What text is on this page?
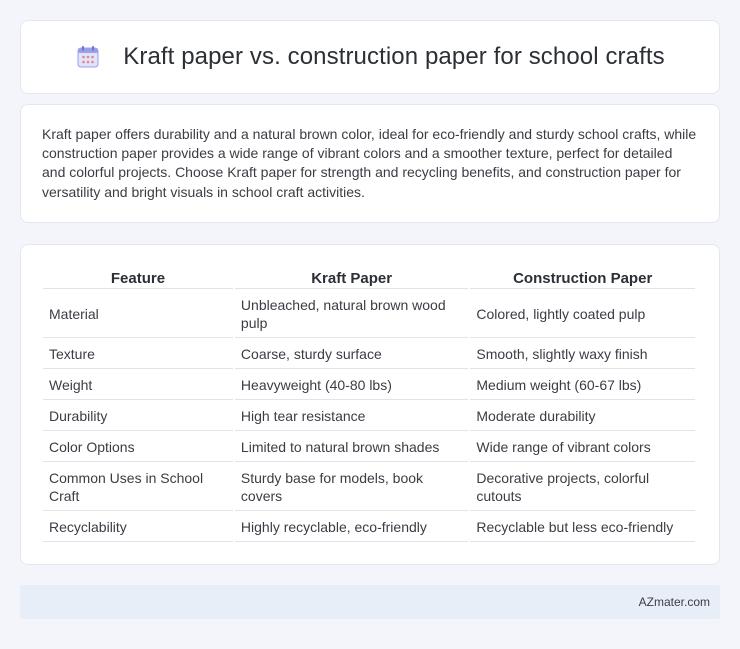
Kraft paper vs. construction paper for school crafts

Kraft paper offers durability and a natural brown color, ideal for eco-friendly and sturdy school crafts, while construction paper provides a wide range of vibrant colors and a smoother texture, perfect for detailed and colorful projects. Choose Kraft paper for strength and recycling benefits, and construction paper for versatility and bright visuals in school craft activities.

Feature	Kraft Paper	Construction Paper
Material	Unbleached, natural brown wood pulp	Colored, lightly coated pulp
Texture	Coarse, sturdy surface	Smooth, slightly waxy finish
Weight	Heavyweight (40-80 lbs)	Medium weight (60-67 lbs)
Durability	High tear resistance	Moderate durability
Color Options	Limited to natural brown shades	Wide range of vibrant colors
Common Uses in School Craft	Sturdy base for models, book covers	Decorative projects, colorful cutouts
Recyclability	Highly recyclable, eco-friendly	Recyclable but less eco-friendly
AZmater.com
